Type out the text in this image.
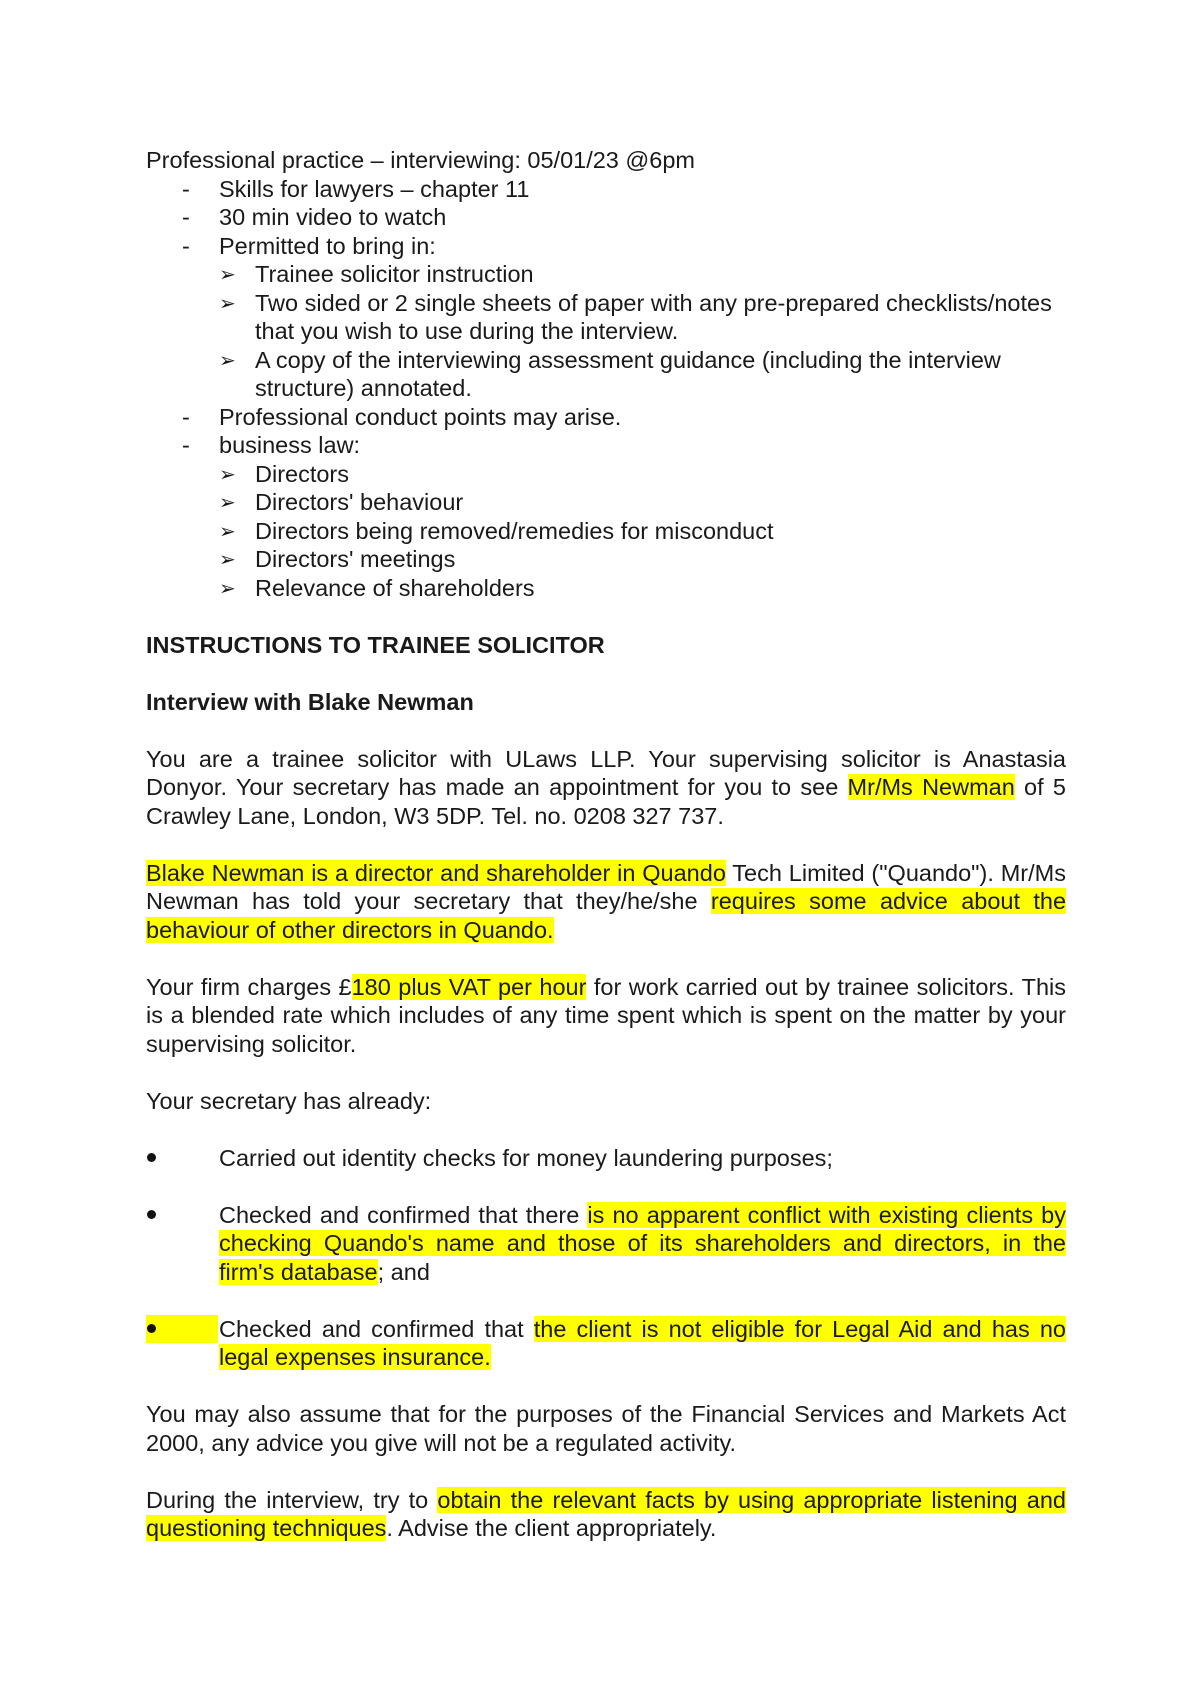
Professional practice – interviewing: 05/01/23 @6pm

- Skills for lawyers – chapter 11
- 30 min video to watch
- Permitted to bring in:
➢ Trainee solicitor instruction
➢ Two sided or 2 single sheets of paper with any pre-prepared checklists/notes that you wish to use during the interview.
➢ A copy of the interviewing assessment guidance (including the interview structure) annotated.
- Professional conduct points may arise.
- business law:
➢ Directors
➢ Directors' behaviour
➢ Directors being removed/remedies for misconduct
➢ Directors' meetings
➢ Relevance of shareholders

INSTRUCTIONS TO TRAINEE SOLICITOR

Interview with Blake Newman

You are a trainee solicitor with ULaws LLP. Your supervising solicitor is Anastasia Donyor. Your secretary has made an appointment for you to see Mr/Ms Newman of 5 Crawley Lane, London, W3 5DP. Tel. no. 0208 327 737.

Blake Newman is a director and shareholder in Quando Tech Limited ("Quando"). Mr/Ms Newman has told your secretary that they/he/she requires some advice about the behaviour of other directors in Quando.

Your firm charges £180 plus VAT per hour for work carried out by trainee solicitors. This is a blended rate which includes of any time spent which is spent on the matter by your supervising solicitor.

Your secretary has already:

Carried out identity checks for money laundering purposes;
Checked and confirmed that there is no apparent conflict with existing clients by checking Quando's name and those of its shareholders and directors, in the firm's database; and
Checked and confirmed that the client is not eligible for Legal Aid and has no legal expenses insurance.

You may also assume that for the purposes of the Financial Services and Markets Act 2000, any advice you give will not be a regulated activity.

During the interview, try to obtain the relevant facts by using appropriate listening and questioning techniques. Advise the client appropriately.
